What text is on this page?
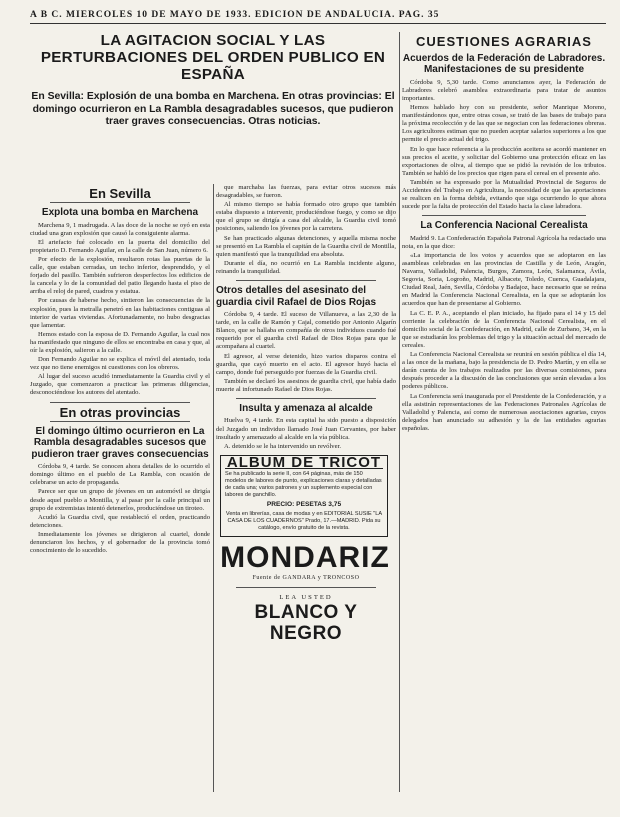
A B C. MIERCOLES 10 DE MAYO DE 1933. EDICION DE ANDALUCIA. PAG. 35
LA AGITACION SOCIAL Y LAS PERTURBACIONES DEL ORDEN PUBLICO EN ESPAÑA
En Sevilla: Explosión de una bomba en Marchena. En otras provincias: El domingo ocurrieron en La Rambla desagradables sucesos, que pudieron traer graves consecuencias. Otras noticias.
En Sevilla
Explota una bomba en Marchena

Marchena 9, 1 madrugada. A las doce de la noche se oyó en esta ciudad una gran explosión que causó la consiguiente alarma.

El artefacto fué colocado en la puerta del domicilio del propietario D. Fernando Aguilar, en la calle de San Juan, número 6.

Por efecto de la explosión, resultaron rotas las puertas de la calle, que estaban cerradas, un techo inferior, desprendido, y el forjado del pasillo. También sufrieron desperfectos los edificios de la cancela y lo de la comunidad del patio llegando hasta el piso de arriba el reloj de pared, cuadros y estatua.

Por causas de haberse hecho, sintieron las consecuencias de la explosión, pues la metralla penetró en las habitaciones contiguas al interior de varias viviendas. Afortunadamente, no hubo desgracias que lamentar.

Hemos estado con la esposa de D. Fernando Aguilar, la cual nos ha manifestado que ninguno de ellos se encontraba en casa y que, al oír la explosión, salieron a la calle.

Don Fernando Aguilar no se explica el móvil del atentado, toda vez que no tiene enemigos ni cuestiones con los obreros.

Al lugar del suceso acudió inmediatamente la Guardia civil y el Juzgado, que comenzaron a practicar las primeras diligencias, desconociéndose los autores del atentado.

En otras provincias
El domingo último ocurrieron en La Rambla desagradables sucesos que pudieron traer graves consecuencias

Córdoba 9, 4 tarde. Se conocen ahora detalles de lo ocurrido el domingo último en el pueblo de La Rambla, con ocasión de celebrarse un acto de propaganda.

Parece ser que un grupo de jóvenes en un automóvil se dirigía desde aquel pueblo a Montilla, y al pasar por la calle principal un grupo de extremistas intentó detenerlos, produciéndose un tiroteo.

Acudió la Guardia civil, que restableció el orden, practicando detenciones.

Inmediatamente los jóvenes se dirigieron al cuartel, donde denunciaron los hechos, y el gobernador de la provincia tomó conocimiento de lo sucedido.

que marchaba las fuerzas, para evitar otros sucesos más desagradables, se fueron.

Al mismo tiempo se había formado otro grupo que también estaba dispuesto a intervenir, produciéndose fuego, y como se dijo que el grupo se dirigía a casa del alcalde, la Guardia civil tomó posiciones, saliendo los jóvenes por la carretera.

Se han practicado algunas detenciones, y aquella misma noche se presentó en La Rambla el capitán de la Guardia civil de Montilla, quien manifestó que la tranquilidad era absoluta.

Durante el día, no ocurrió en La Rambla incidente alguno, reinando la tranquilidad.

Otros detalles del asesinato del guardia civil Rafael de Dios Rojas

Córdoba 9, 4 tarde. El suceso de Villanueva, a las 2,30 de la tarde, en la calle de Ramón y Cajal, cometido por Antonio Algarín Blanco, que se hallaba en compañía de otros individuos cuando fué requerido por el guardia civil Rafael de Dios Rojas para que le acompañara al cuartel.

El agresor, al verse detenido, hizo varios disparos contra el guardia, que cayó muerto en el acto. El agresor huyó hacia el campo, donde fué perseguido por fuerzas de la Guardia civil.

También se declaró los asesinos de guardia civil, que había dado muerte al infortunado Rafael de Dios Rojas.

Insulta y amenaza al alcalde

Huelva 9, 4 tarde. En esta capital ha sido puesto a disposición del Juzgado un individuo llamado José Juan Cervantes, por haber insultado y amenazado al alcalde en la vía pública.

A. detenido se le ha intervenido un revólver.

ALBUM DE TRICOT
Se ha publicado la serie II, con 64 páginas, más de 150 modelos de labores de punto, explicaciones claras y detalladas de cada una; varios patrones y un suplemento especial con labores de ganchillo.
PRECIO: PESETAS 3,75
Venta en librerías, casa de modas y en EDITORIAL SUSIE "LA CASA DE LOS CUADERNOS" Prado, 17.—MADRID. Pida su catálogo, envío gratuito de la revista.
MONDARIZ
Fuente de GANDARA y TRONCOSO
LEA USTED
BLANCO Y NEGRO
CUESTIONES AGRARIAS
Acuerdos de la Federación de Labradores. Manifestaciones de su presidente

Córdoba 9, 5,30 tarde. Como anunciamos ayer, la Federación de Labradores celebró asamblea extraordinaria para tratar de asuntos importantes.

Hemos hablado hoy con su presidente, señor Manrique Moreno, manifestándonos que, entre otras cosas, se trató de las bases de trabajo para la próxima recolección y de las que se negocian con las federaciones obreras. Los agricultores estiman que no pueden aceptar salarios superiores a los que permite el precio actual del trigo.

En lo que hace referencia a la producción aceitera se acordó mantener en sus precios el aceite, y solicitar del Gobierno una protección eficaz en las exportaciones de oliva, al tiempo que se pidió la revisión de los tributos. También se habló de los precios que rigen para el cereal en el presente año.

También se ha expresado por la Mutualidad Provincial de Seguros de Accidentes del Trabajo en Agricultura, la necesidad de que las aportaciones se realicen en la forma debida, evitando que siga ocurriendo lo que ahora sucede por la falta de protección del Estado hacia la clase labradora.

La Conferencia Nacional Cerealista

Madrid 9. La Confederación Española Patronal Agrícola ha redactado una nota, en la que dice:

«La importancia de los votos y acuerdos que se adoptaron en las asambleas celebradas en las provincias de Castilla y de León, Aragón, Navarra, Valladolid, Palencia, Burgos, Zamora, León, Salamanca, Ávila, Segovia, Soria, Logroño, Madrid, Albacete, Toledo, Cuenca, Guadalajara, Ciudad Real, Jaén, Sevilla, Córdoba y Badajoz, hace necesario que se reúna en Madrid la Conferencia Nacional Cerealista, en la que se adoptarán los acuerdos que han de presentarse al Gobierno.

La C. E. P. A., aceptando el plan iniciado, ha fijado para el 14 y 15 del corriente la celebración de la Conferencia Nacional Cerealista, en el domicilio social de la Confederación, en Madrid, calle de Zurbano, 34, en la que se estudiarán los problemas del trigo y la situación actual del mercado de cereales.

La Conferencia Nacional Cerealista se reunirá en sesión pública el día 14, a las once de la mañana, bajo la presidencia de D. Pedro Martín, y en ella se darán cuenta de los trabajos realizados por las diversas comisiones, para después proceder a la discusión de las conclusiones que serán elevadas a los poderes públicos.

La Conferencia será inaugurada por el Presidente de la Confederación, y a ella asistirán representaciones de las Federaciones Patronales Agrícolas de Valladolid y Palencia, así como de numerosas asociaciones agrarias, cuyos delegados han anunciado su adhesión y la de las entidades agrarias españolas.
